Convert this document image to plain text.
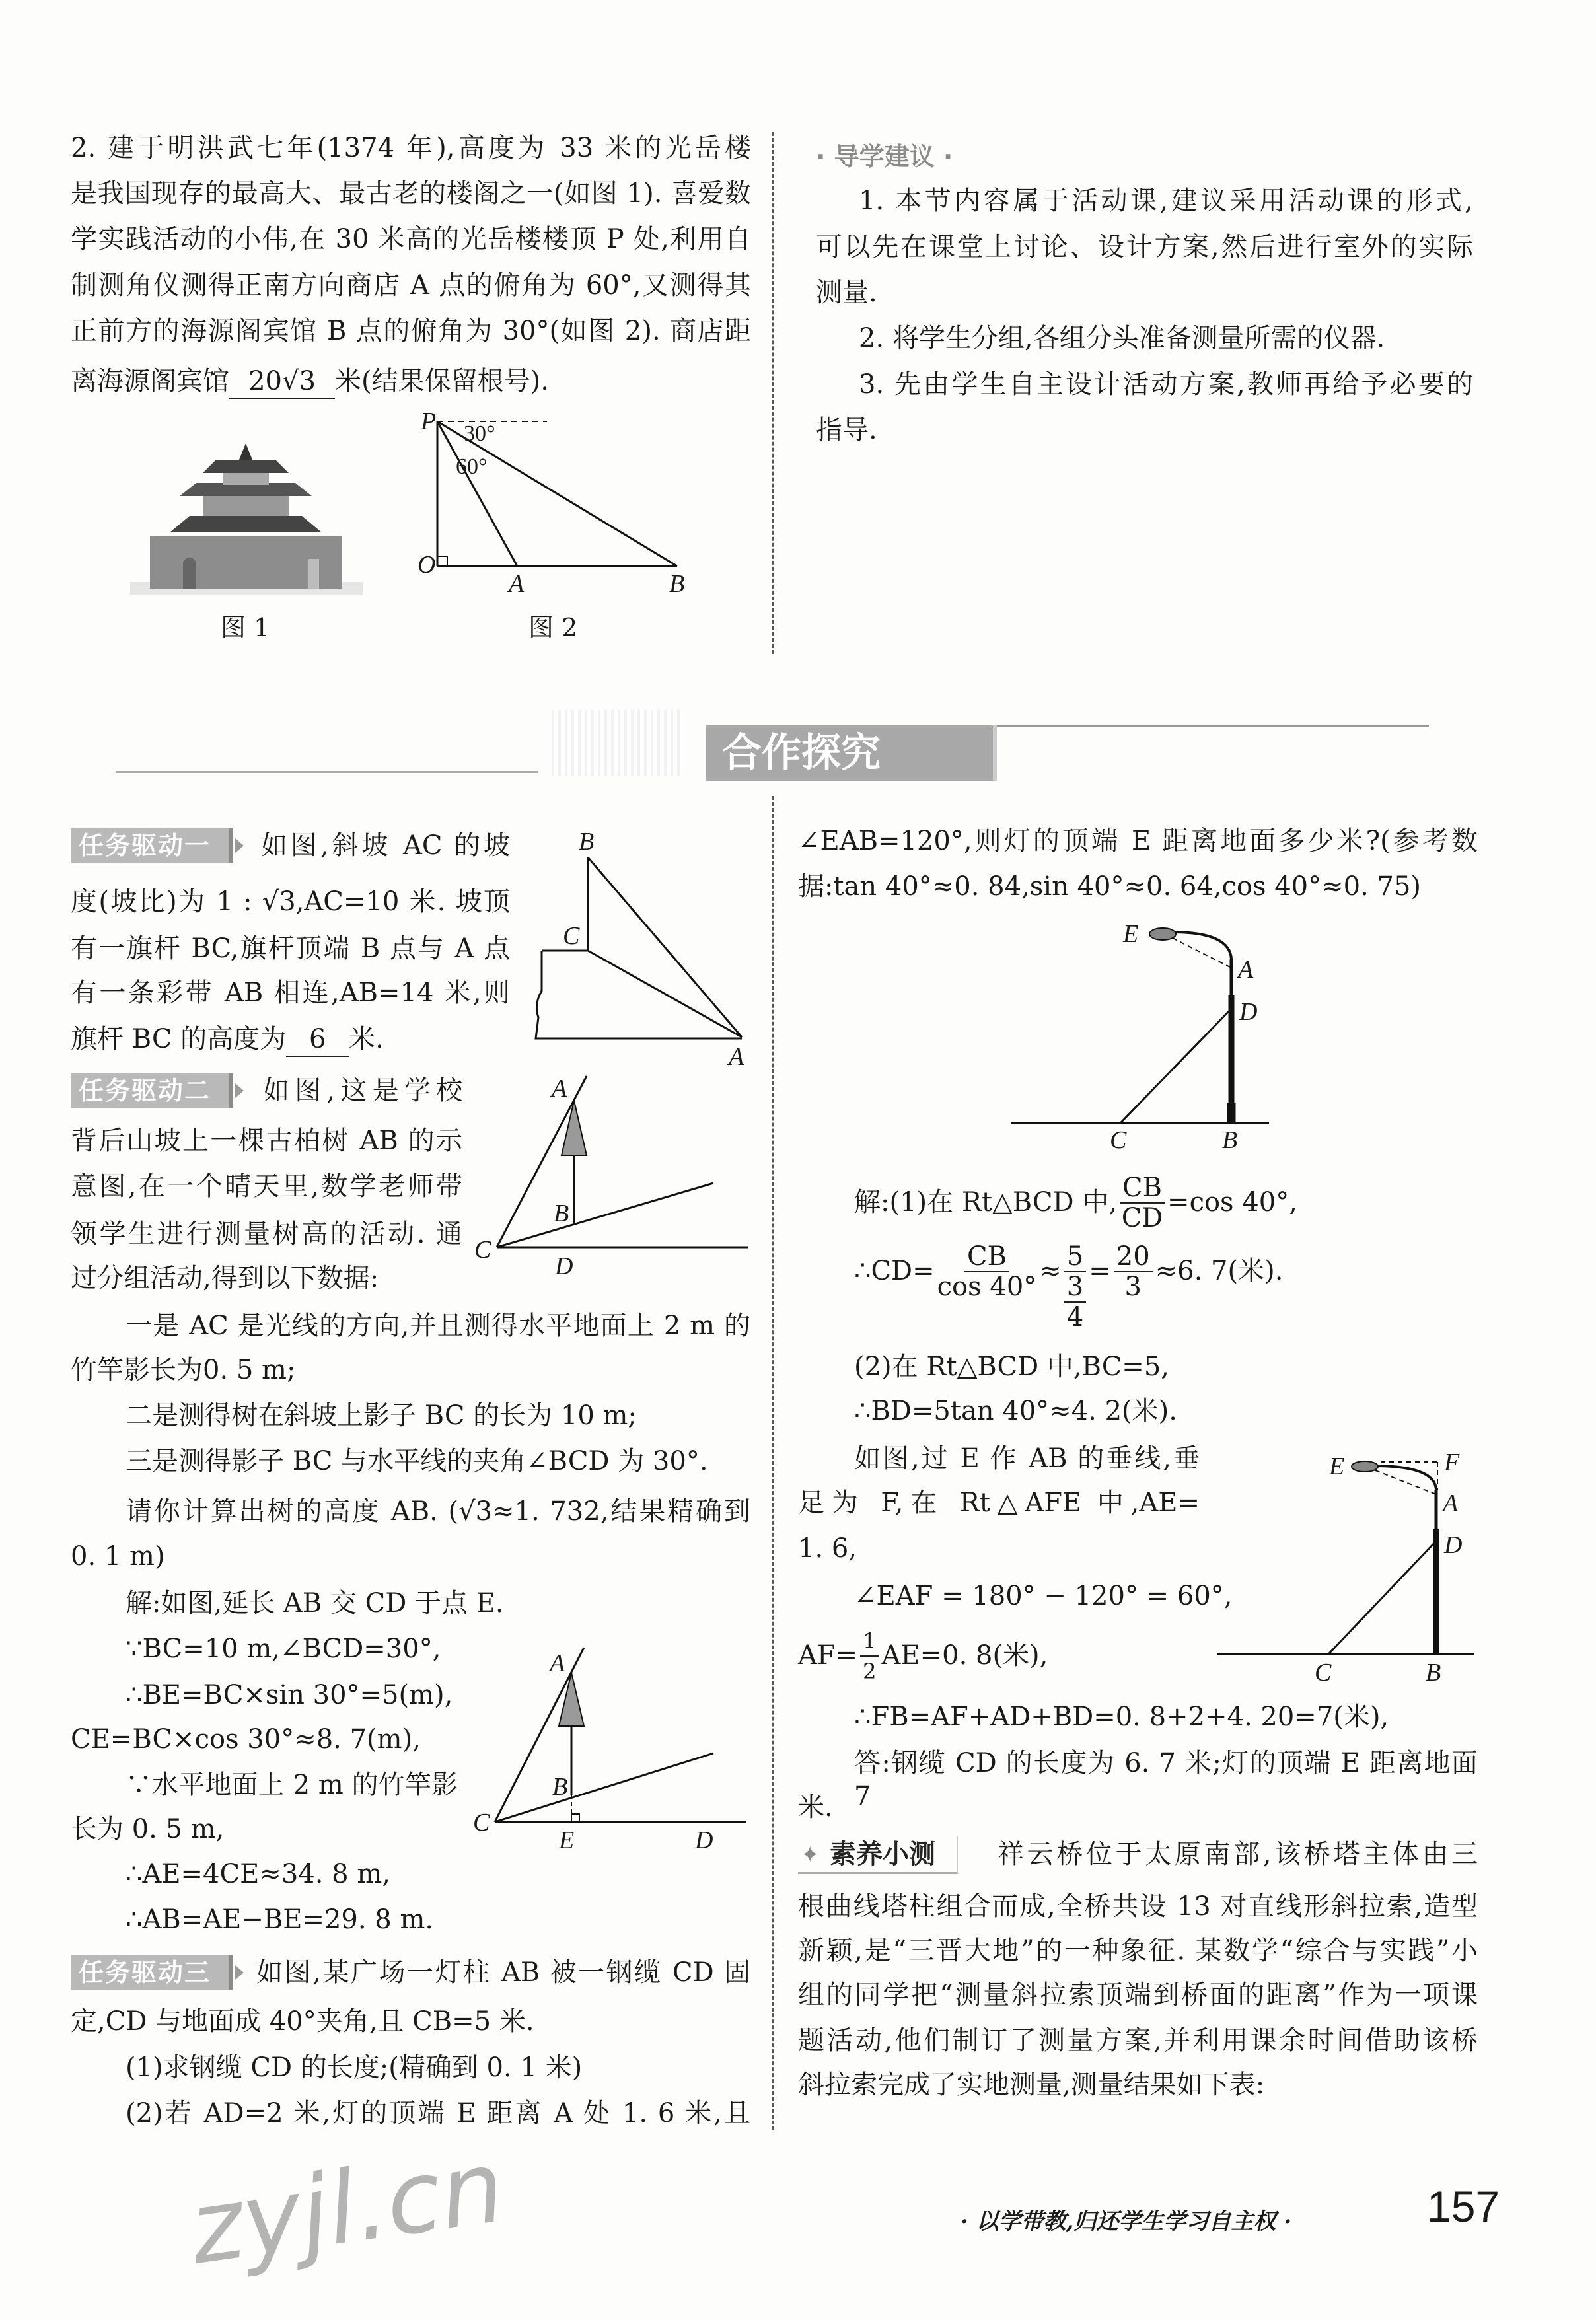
2. 建于明洪武七年(1374 年),高度为 33 米的光岳楼
是我国现存的最高大、最古老的楼阁之一(如图 1). 喜爱数
学实践活动的小伟,在 30 米高的光岳楼楼顶 P 处,利用自
制测角仪测得正南方向商店 A 点的俯角为 60°,又测得其
正前方的海源阁宾馆 B 点的俯角为 30°(如图 2). 商店距
离海源阁宾馆 20√3 米(结果保留根号).
图 1
P
O
A	B
30°
60°
图 2
· 导学建议 ·
1. 本节内容属于活动课,建议采用活动课的形式,
可以先在课堂上讨论、设计方案,然后进行室外的实际
测量.
2. 将学生分组,各组分头准备测量所需的仪器.
3. 先由学生自主设计活动方案,教师再给予必要的
指导.
合作探究
任务驱动一	如图,斜坡 AC 的坡
度(坡比)为 1 : √3,AC=10 米. 坡顶
有一旗杆 BC,旗杆顶端 B 点与 A 点
有一条彩带 AB 相连,AB=14 米,则
旗杆 BC 的高度为 6 米.
B
C
A
任务驱动二	如图,这是学校
背后山坡上一棵古柏树 AB 的示
意图,在一个晴天里,数学老师带
领学生进行测量树高的活动. 通
过分组活动,得到以下数据:
一是 AC 是光线的方向,并且测得水平地面上 2 m 的
竹竿影长为0. 5 m;
二是测得树在斜坡上影子 BC 的长为 10 m;
三是测得影子 BC 与水平线的夹角∠BCD 为 30°.
请你计算出树的高度 AB. (√3≈1. 732,结果精确到
0. 1 m)
A
B
C
D
解:如图,延长 AB 交 CD 于点 E.
∵BC=10 m,∠BCD=30°,
∴BE=BC×sin 30°=5(m),
CE=BC×cos 30°≈8. 7(m),
∵水平地面上 2 m 的竹竿影
长为 0. 5 m,
∴AE=4CE≈34. 8 m,
∴AB=AE−BE=29. 8 m.
A
B
C
E	D
任务驱动三	如图,某广场一灯柱 AB 被一钢缆 CD 固
定,CD 与地面成 40°夹角,且 CB=5 米.
(1)求钢缆 CD 的长度;(精确到 0. 1 米)
(2)若 AD=2 米,灯的顶端 E 距离 A 处 1. 6 米,且
∠EAB=120°,则灯的顶端 E 距离地面多少米?(参考数
据:tan 40°≈0. 84,sin 40°≈0. 64,cos 40°≈0. 75)
E
A
D
C	B
解:(1)在 Rt△BCD 中, $\frac{CB}{CD} =\cos$ 40°,
∴CD= $\frac{CB}{\cos 40^\circ} \approx 5$
3
4
= $\frac{20}{3} \approx 6$. 7(米).
(2)在 Rt△BCD 中,BC=5,
∴BD=5tan 40°≈4. 2(米).
如图,过 E 作 AB 的垂线,垂
足为 F,在 Rt△AFE 中,AE=
1. 6,
∠EAF = 180° − 120° = 60°,
$AF= \frac{1}{2} AE=0$. 8(米),
∴FB=AF+AD+BD=0. 8+2+4. 20=7(米),
答:钢缆 CD 的长度为 6. 7 米;灯的顶端 E 距离地面 7
米.
E	F
A
D
C	B
✦ 素养小测 祥云桥位于太原南部,该桥塔主体由三
根曲线塔柱组合而成,全桥共设 13 对直线形斜拉索,造型
新颖,是“三晋大地”的一种象征. 某数学“综合与实践”小
组的同学把“测量斜拉索顶端到桥面的距离”作为一项课
题活动,他们制订了测量方案,并利用课余时间借助该桥
斜拉索完成了实地测量,测量结果如下表:
· 以学带教,归还学生学习自主权 ·	157
zyjl.cn
